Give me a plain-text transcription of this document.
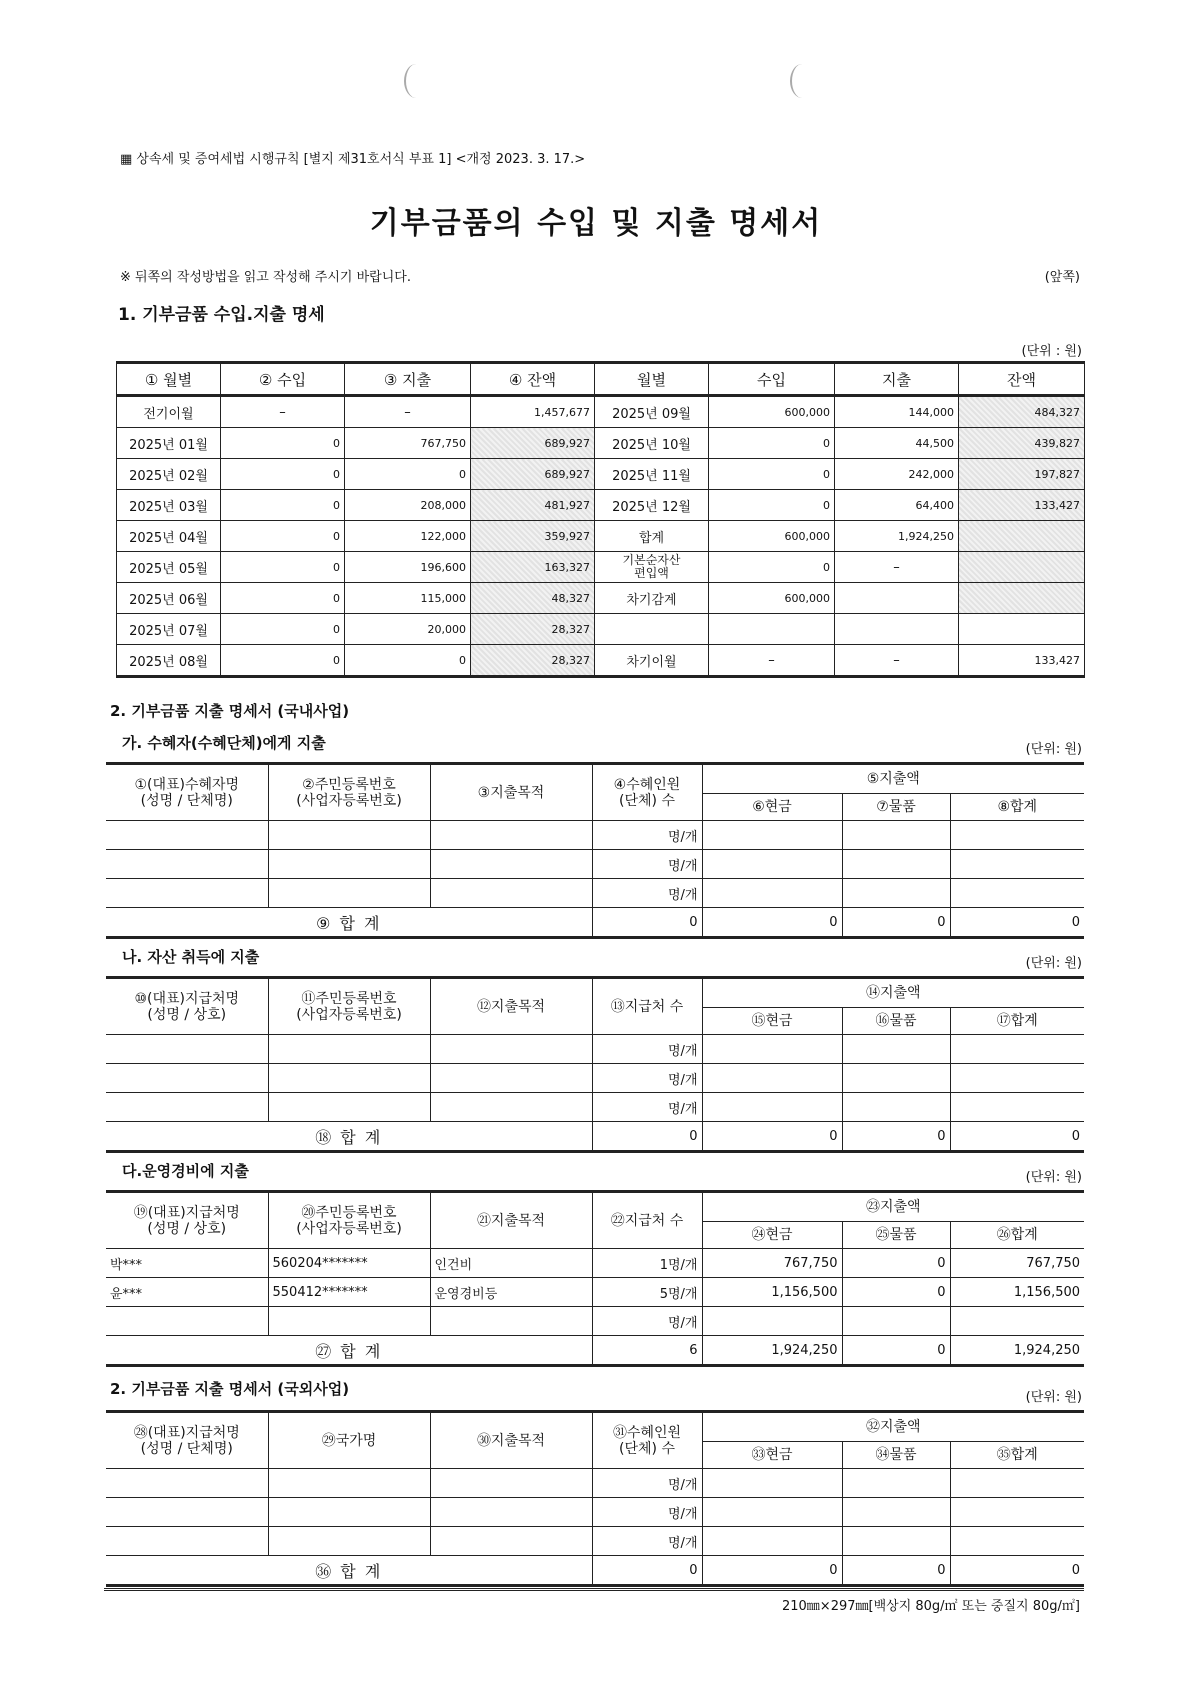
▦ 상속세 및 증여세법 시행규칙 [별지 제31호서식 부표 1] <개정 2023. 3. 17.>
기부금품의 수입 및 지출 명세서
※ 뒤쪽의 작성방법을 읽고 작성해 주시기 바랍니다.	(앞쪽)
1. 기부금품 수입.지출 명세
(단위 : 원)
① 월별	② 수입	③ 지출	④ 잔액	월별	수입	지출	잔액
전기이월	–	–	1,457,677	2025년 09월	600,000	144,000	484,327
2025년 01월	0	767,750	689,927	2025년 10월	0	44,500	439,827
2025년 02월	0	0	689,927	2025년 11월	0	242,000	197,827
2025년 03월	0	208,000	481,927	2025년 12월	0	64,400	133,427
2025년 04월	0	122,000	359,927	합계	600,000	1,924,250	
2025년 05월	0	196,600	163,327	기본순자산
편입액	0	–	
2025년 06월	0	115,000	48,327	차기감계	600,000		
2025년 07월	0	20,000	28,327				
2025년 08월	0	0	28,327	차기이월	–	–	133,427
2. 기부금품 지출 명세서 (국내사업)
가. 수혜자(수혜단체)에게 지출	(단위: 원)
①(대표)수혜자명
(성명 / 단체명)	②주민등록번호
(사업자등록번호)	③지출목적	④수혜인원
(단체) 수	⑤지출액		
				⑥현금	⑦물품	⑧합계
			명/개			
			명/개			
			명/개			
⑨ 합 계			0	0	0	0
나. 자산 취득에 지출	(단위: 원)
⑩(대표)지급처명
(성명 / 상호)	⑪주민등록번호
(사업자등록번호)	⑫지출목적	⑬지급처 수	⑭지출액		
				⑮현금	⑯물품	⑰합계
			명/개			
			명/개			
			명/개			
⑱ 합 계			0	0	0	0
다.운영경비에 지출	(단위: 원)
⑲(대표)지급처명
(성명 / 상호)	⑳주민등록번호
(사업자등록번호)	㉑지출목적	㉒지급처 수	㉓지출액		
				㉔현금	㉕물품	㉖합계
박***	560204*******	인건비	1명/개	767,750	0	767,750
윤***	550412*******	운영경비등	5명/개	1,156,500	0	1,156,500
			명/개			
㉗ 합 계			6	1,924,250	0	1,924,250
2. 기부금품 지출 명세서 (국외사업)	(단위: 원)
㉘(대표)지급처명
(성명 / 단체명)	㉙국가명	㉚지출목적	㉛수혜인원
(단체) 수	㉜지출액		
				㉝현금	㉞물품	㉟합계
			명/개			
			명/개			
			명/개			
㊱ 합 계			0	0	0	0
210㎜×297㎜[백상지 80g/㎡ 또는 중질지 80g/㎡]
